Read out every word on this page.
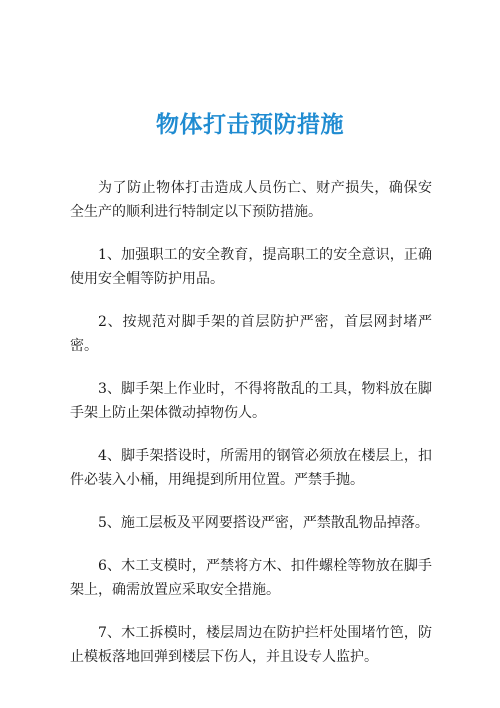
物体打击预防措施

为了防止物体打击造成人员伤亡、财产损失，确保安全生产的顺利进行特制定以下预防措施。

1、加强职工的安全教育，提高职工的安全意识，正确使用安全帽等防护用品。

2、按规范对脚手架的首层防护严密，首层网封堵严密。

3、脚手架上作业时，不得将散乱的工具，物料放在脚手架上防止架体微动掉物伤人。

4、脚手架搭设时，所需用的钢管必须放在楼层上，扣件必装入小桶，用绳提到所用位置。严禁手抛。

5、施工层板及平网要搭设严密，严禁散乱物品掉落。

6、木工支模时，严禁将方木、扣件螺栓等物放在脚手架上，确需放置应采取安全措施。

7、木工拆模时，楼层周边在防护拦杆处围堵竹笆，防止模板落地回弹到楼层下伤人，并且设专人监护。
